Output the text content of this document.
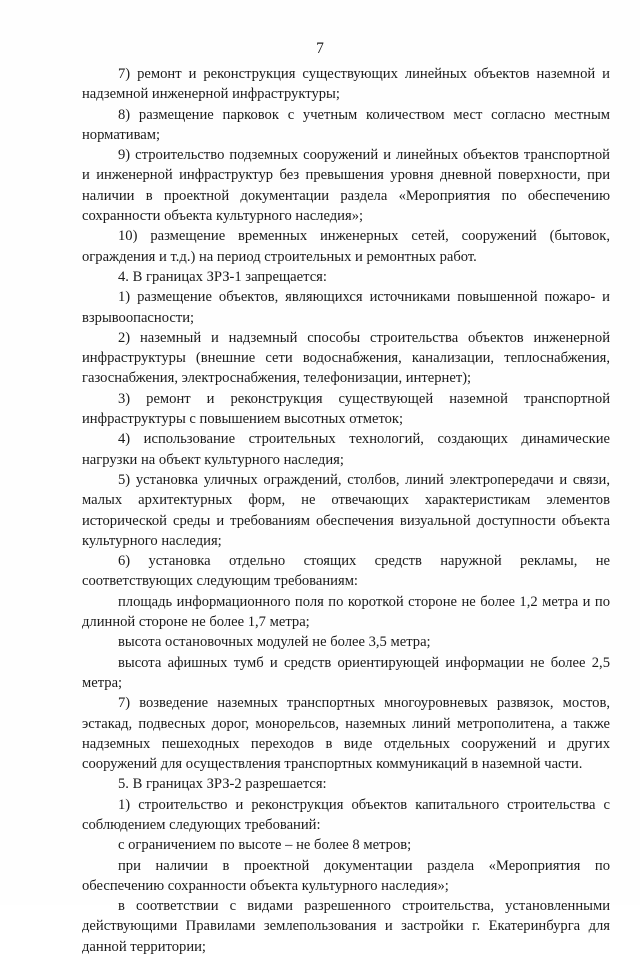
7

7) ремонт и реконструкция существующих линейных объектов наземной и надземной инженерной инфраструктуры;

8) размещение парковок с учетным количеством мест согласно местным нормативам;

9) строительство подземных сооружений и линейных объектов транспортной и инженерной инфраструктур без превышения уровня дневной поверхности, при наличии в проектной документации раздела «Мероприятия по обеспечению сохранности объекта культурного наследия»;

10) размещение временных инженерных сетей, сооружений (бытовок, ограждения и т.д.) на период строительных и ремонтных работ.

4. В границах ЗРЗ-1 запрещается:

1) размещение объектов, являющихся источниками повышенной пожаро- и взрывоопасности;

2) наземный и надземный способы строительства объектов инженерной инфраструктуры (внешние сети водоснабжения, канализации, теплоснабжения, газоснабжения, электроснабжения, телефонизации, интернет);

3) ремонт и реконструкция существующей наземной транспортной инфраструктуры с повышением высотных отметок;

4) использование строительных технологий, создающих динамические нагрузки на объект культурного наследия;

5) установка уличных ограждений, столбов, линий электропередачи и связи, малых архитектурных форм, не отвечающих характеристикам элементов исторической среды и требованиям обеспечения визуальной доступности объекта культурного наследия;

6) установка отдельно стоящих средств наружной рекламы, не соответствующих следующим требованиям:

площадь информационного поля по короткой стороне не более 1,2 метра и по длинной стороне не более 1,7 метра;

высота остановочных модулей не более 3,5 метра;

высота афишных тумб и средств ориентирующей информации не более 2,5 метра;

7) возведение наземных транспортных многоуровневых развязок, мостов, эстакад, подвесных дорог, монорельсов, наземных линий метрополитена, а также надземных пешеходных переходов в виде отдельных сооружений и других сооружений для осуществления транспортных коммуникаций в наземной части.

5. В границах ЗРЗ-2 разрешается:

1) строительство и реконструкция объектов капитального строительства с соблюдением следующих требований:

с ограничением по высоте – не более 8 метров;

при наличии в проектной документации раздела «Мероприятия по обеспечению сохранности объекта культурного наследия»;

в соответствии с видами разрешенного строительства, установленными действующими Правилами землепользования и застройки г. Екатеринбурга для данной территории;
